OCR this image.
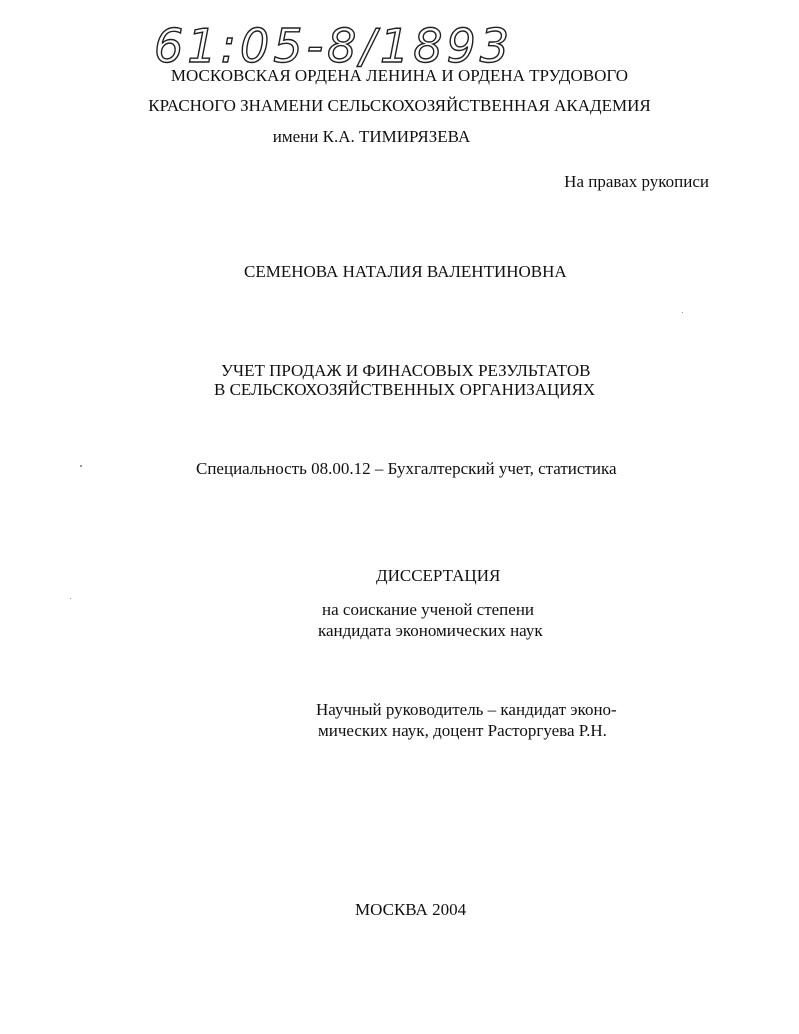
61:05-8/1893
МОСКОВСКАЯ ОРДЕНА ЛЕНИНА И ОРДЕНА ТРУДОВОГО
КРАСНОГО ЗНАМЕНИ СЕЛЬСКОХОЗЯЙСТВЕННАЯ АКАДЕМИЯ
имени К.А. ТИМИРЯЗЕВА
На правах рукописи
СЕМЕНОВА НАТАЛИЯ ВАЛЕНТИНОВНА
УЧЕТ ПРОДАЖ И ФИНАСОВЫХ РЕЗУЛЬТАТОВ
В СЕЛЬСКОХОЗЯЙСТВЕННЫХ ОРГАНИЗАЦИЯХ
Специальность 08.00.12 – Бухгалтерский учет, статистика
ДИССЕРТАЦИЯ
на соискание ученой степени
кандидата экономических наук
Научный руководитель – кандидат эконо-
мических наук, доцент Расторгуева Р.Н.
МОСКВА 2004
